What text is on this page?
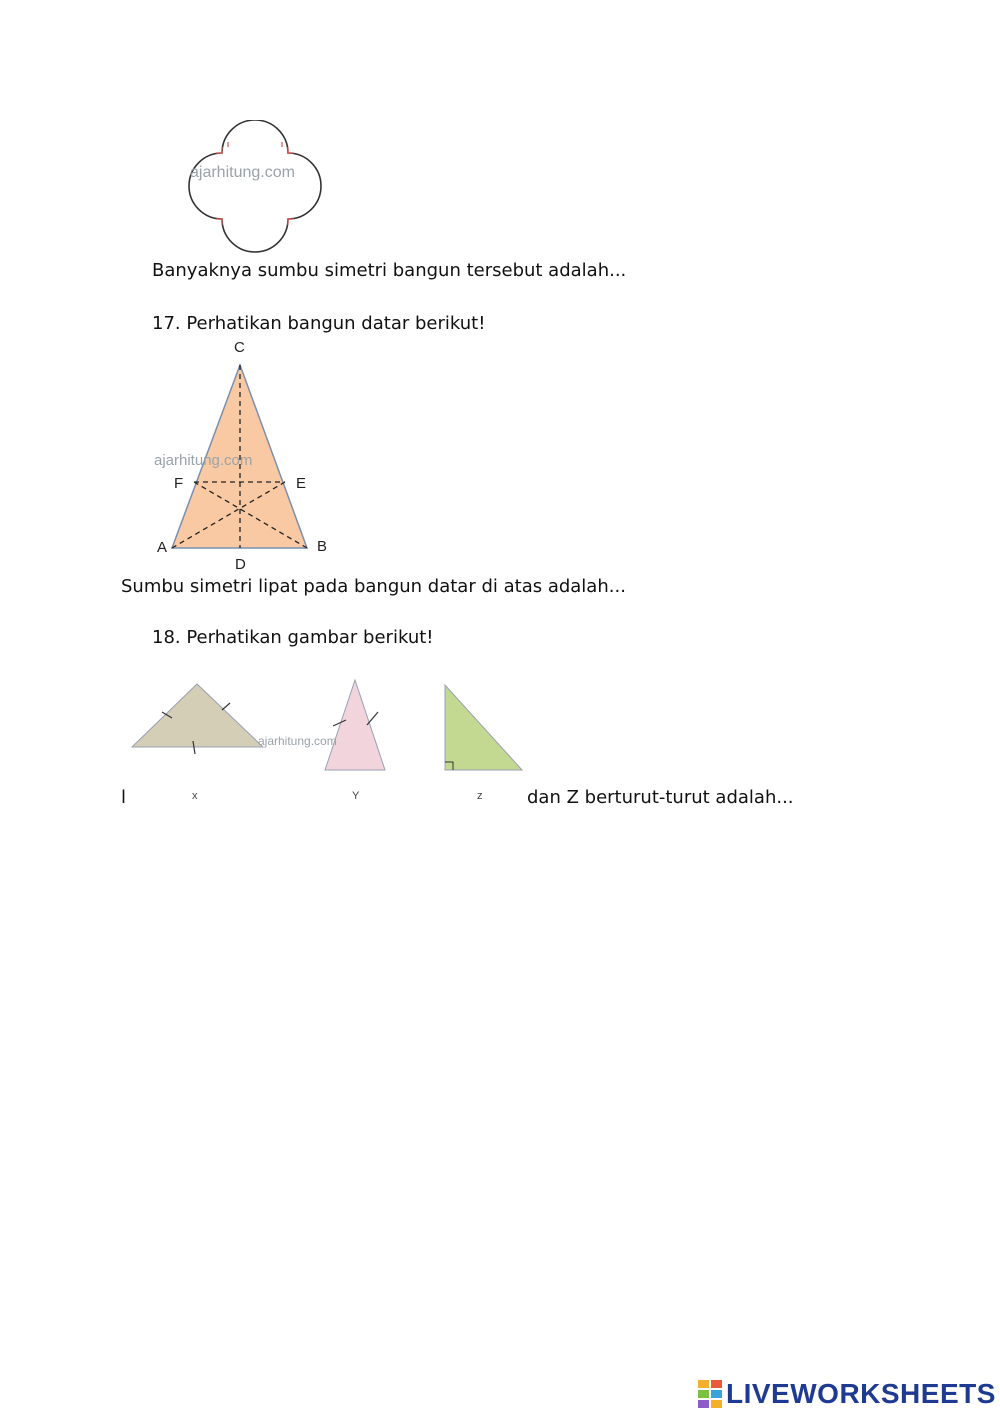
ajarhitung.com
Banyaknya sumbu simetri bangun tersebut adalah...
17. Perhatikan bangun datar berikut!
C
F	E
A	B
D
ajarhitung.com
Sumbu simetri lipat pada bangun datar di atas adalah...
18. Perhatikan gambar berikut!
ajarhitung.com
x	Y	z
l	dan Z berturut-turut adalah...
LIVEWORKSHEETS
